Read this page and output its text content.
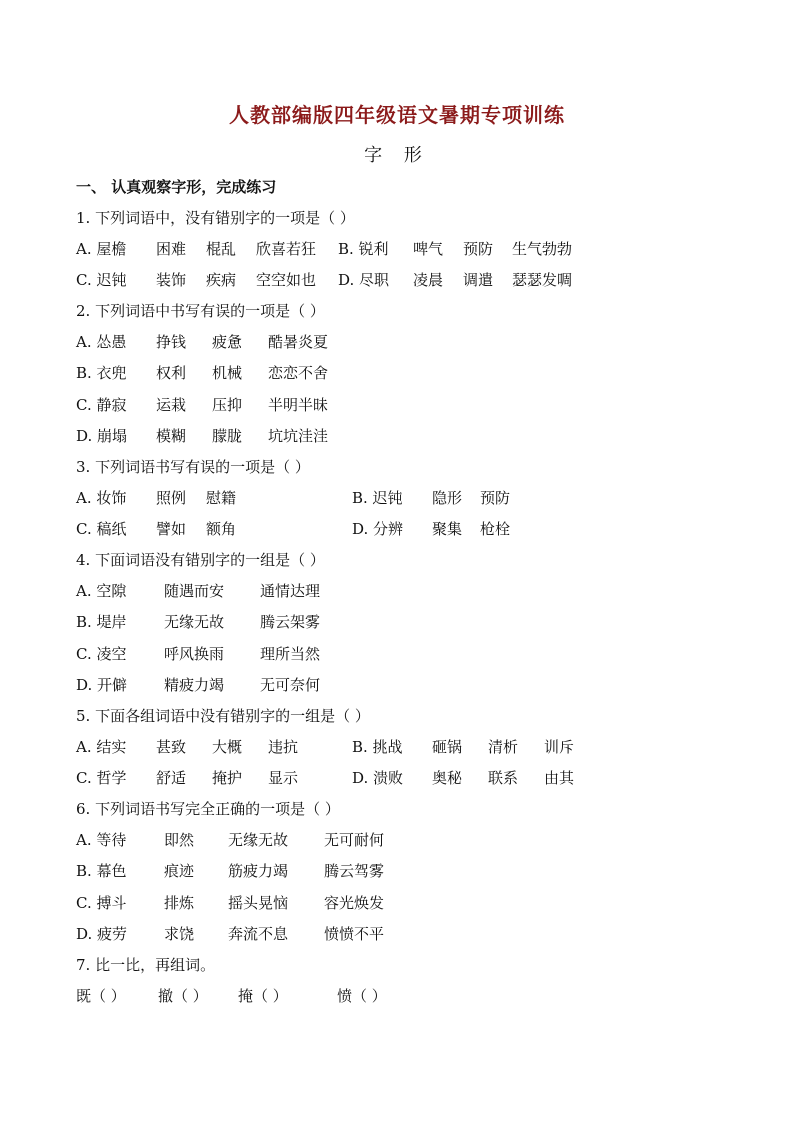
人教部编版四年级语文暑期专项训练
字 形
一、 认真观察字形，完成练习
1. 下列词语中，没有错别字的一项是（ ）
A. 屋檐 困难 棍乱 欣喜若狂 B. 锐利 啤气 预防 生气勃勃
C. 迟钝 装饰 疾病 空空如也 D. 尽职 凌晨 调遣 瑟瑟发啁
2. 下列词语中书写有误的一项是（ ）
A. 怂愚 挣钱 疲惫 酷暑炎夏
B. 衣兜 权利 机械 恋恋不舍
C. 静寂 运栽 压抑 半明半昧
D. 崩塌 模糊 朦胧 坑坑洼洼
3. 下列词语书写有误的一项是（ ）
A. 妆饰 照例 慰籍	B. 迟钝 隐形 预防
C. 稿纸 譬如 额角	D. 分辨 聚集 枪栓
4. 下面词语没有错别字的一组是（ ）
A. 空隙	随遇而安 通情达理
B. 堤岸 无缘无故 腾云架雾
C. 凌空	呼风换雨 理所当然
D. 开僻 精疲力竭 无可奈何
5. 下面各组词语中没有错别字的一组是（ ）
A. 结实 甚致 大概 违抗	B. 挑战 砸锅 清析 训斥
C. 哲学 舒适 掩护 显示	D. 溃败 奥秘 联系 由其
6. 下列词语书写完全正确的一项是（ ）
A. 等待	即然 无缘无故 无可耐何
B. 幕色 痕迹 筋疲力竭 腾云驾雾
C. 搏斗	排炼 摇头晃恼 容光焕发
D. 疲劳 求饶 奔流不息 愤愤不平
7. 比一比，再组词。
既（ ） 撤（ ） 掩（ ）	愤（ ）
